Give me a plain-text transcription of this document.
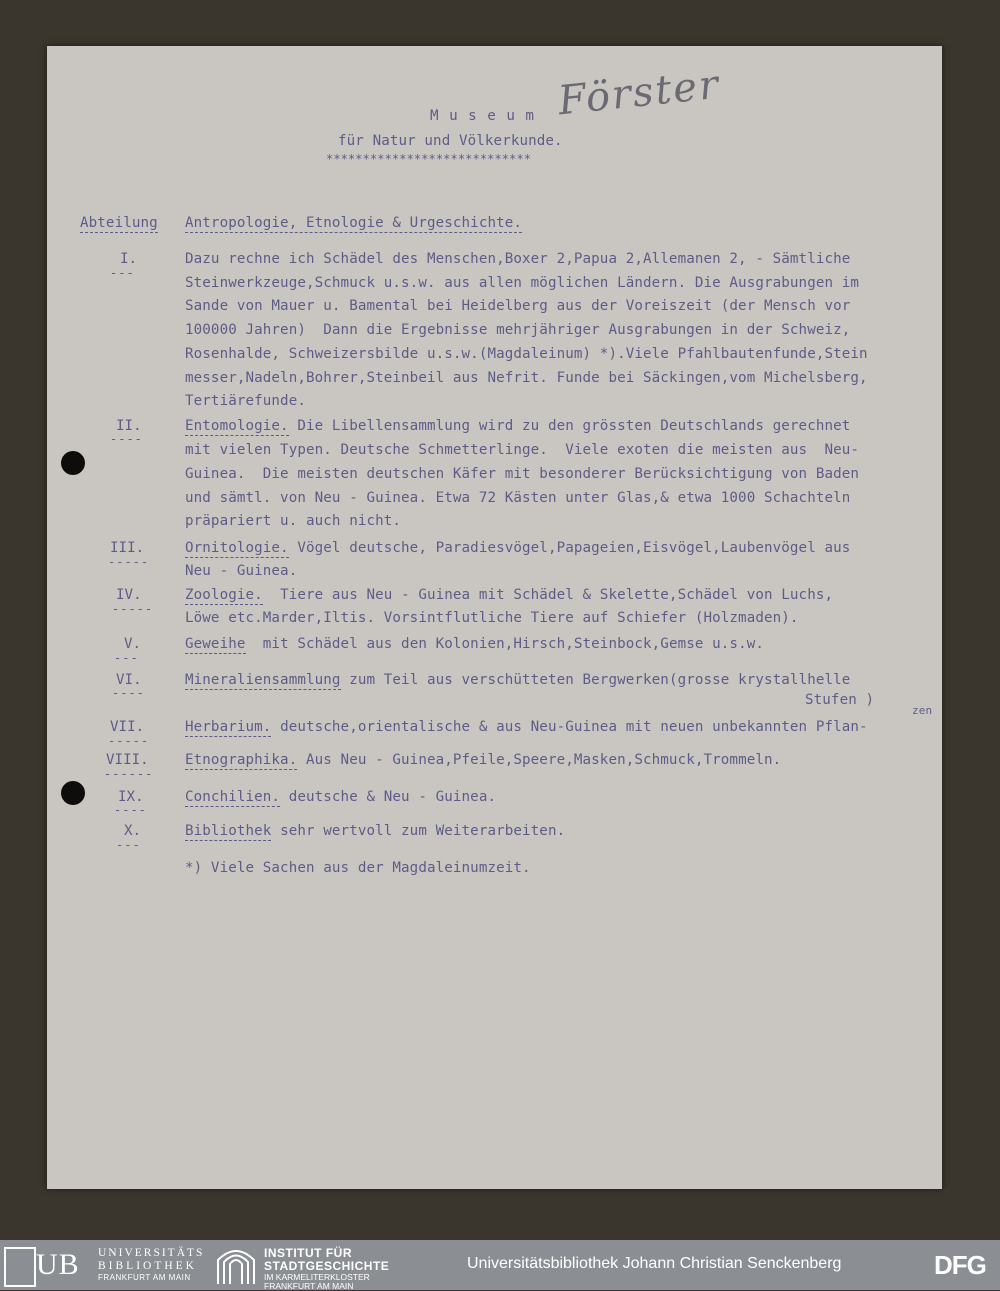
M u s e u m
für Natur und Völkerkunde.
****************************
Förster
Abteilung Antropologie, Etnologie & Urgeschichte.
I.
---
Dazu rechne ich Schädel des Menschen,Boxer 2,Papua 2,Allemanen 2, - Sämtliche
Steinwerkzeuge,Schmuck u.s.w. aus allen möglichen Ländern. Die Ausgrabungen im
Sande von Mauer u. Bamental bei Heidelberg aus der Voreiszeit (der Mensch vor
100000 Jahren)  Dann die Ergebnisse mehrjähriger Ausgrabungen in der Schweiz,
Rosenhalde, Schweizersbilde u.s.w.(Magdaleinum) *).Viele Pfahlbautenfunde,Stein
messer,Nadeln,Bohrer,Steinbeil aus Nefrit. Funde bei Säckingen,vom Michelsberg,
Tertiärefunde.
II.
----
Entomologie. Die Libellensammlung wird zu den grössten Deutschlands gerechnet
mit vielen Typen. Deutsche Schmetterlinge.  Viele exoten die meisten aus  Neu-
Guinea.  Die meisten deutschen Käfer mit besonderer Berücksichtigung von Baden
und sämtl. von Neu - Guinea. Etwa 72 Kästen unter Glas,& etwa 1000 Schachteln
präpariert u. auch nicht.
III.
-----
Ornitologie. Vögel deutsche, Paradiesvögel,Papageien,Eisvögel,Laubenvögel aus
Neu - Guinea.
IV.
-----
Zoologie.  Tiere aus Neu - Guinea mit Schädel & Skelette,Schädel von Luchs,
Löwe etc.Marder,Iltis. Vorsintflutliche Tiere auf Schiefer (Holzmaden).
V.
---
Geweihe  mit Schädel aus den Kolonien,Hirsch,Steinbock,Gemse u.s.w.
VI.
----
Mineraliensammlung zum Teil aus verschütteten Bergwerken(grosse krystallhelle
Stufen )
VII.
-----
Herbarium. deutsche,orientalische & aus Neu-Guinea mit neuen unbekannten Pflan-
zen
VIII.
------
Etnographika. Aus Neu - Guinea,Pfeile,Speere,Masken,Schmuck,Trommeln.
IX.
----
Conchilien. deutsche & Neu - Guinea.
X.
---
Bibliothek sehr wertvoll zum Weiterarbeiten.
*) Viele Sachen aus der Magdaleinumzeit.
UB UNIVERSITÄTS
BIBLIOTHEK
FRANKFURT AM MAIN
INSTITUT FÜR
STADTGESCHICHTE
IM KARMELITERKLOSTER
FRANKFURT AM MAIN
Universitätsbibliothek Johann Christian Senckenberg	DFG
